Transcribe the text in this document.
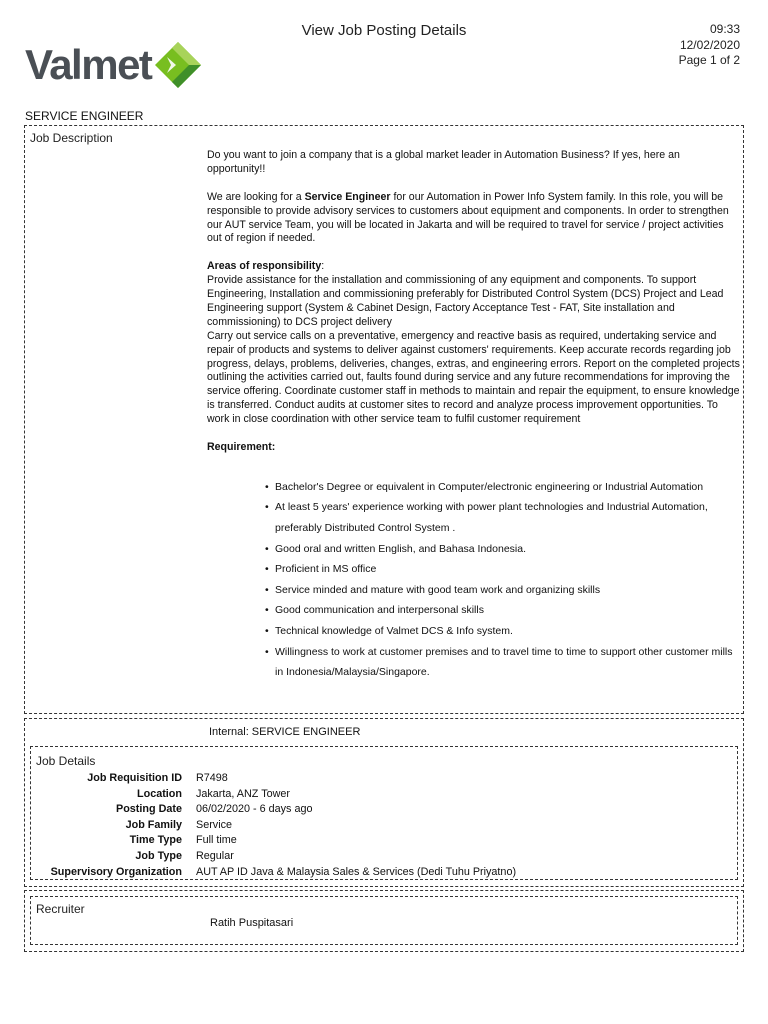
Valmet
View Job Posting Details	09:33
12/02/2020
Page 1 of 2
SERVICE ENGINEER
Job Description

Do you want to join a company that is a global market leader in Automation Business? If yes, here an opportunity!!

We are looking for a Service Engineer for our Automation in Power Info System family. In this role, you will be responsible to provide advisory services to customers about equipment and components. In order to strengthen our AUT service Team, you will be located in Jakarta and will be required to travel for service / project activities out of region if needed.

Areas of responsibility:
Provide assistance for the installation and commissioning of any equipment and components. To support Engineering, Installation and commissioning preferably for Distributed Control System (DCS) Project and Lead Engineering support (System & Cabinet Design, Factory Acceptance Test - FAT, Site installation and commissioning) to DCS project delivery
Carry out service calls on a preventative, emergency and reactive basis as required, undertaking service and repair of products and systems to deliver against customers' requirements. Keep accurate records regarding job progress, delays, problems, deliveries, changes, extras, and engineering errors. Report on the completed projects outlining the activities carried out, faults found during service and any future recommendations for improving the service offering. Coordinate customer staff in methods to maintain and repair the equipment, to ensure knowledge is transferred. Conduct audits at customer sites to record and analyze process improvement opportunities. To work in close coordination with other service team to fulfil customer requirement
Requirement:
• Bachelor's Degree or equivalent in Computer/electronic engineering or Industrial Automation
• At least 5 years' experience working with power plant technologies and Industrial Automation, preferably Distributed Control System .
• Good oral and written English, and Bahasa Indonesia.
• Proficient in MS office
• Service minded and mature with good team work and organizing skills
• Good communication and interpersonal skills
• Technical knowledge of Valmet DCS & Info system.
• Willingness to work at customer premises and to travel time to time to support other customer mills in Indonesia/Malaysia/Singapore.
Internal: SERVICE ENGINEER
Job Details
Job Requisition ID	R7498
Location	Jakarta, ANZ Tower
Posting Date	06/02/2020 - 6 days ago
Job Family	Service
Time Type	Full time
Job Type	Regular
Supervisory Organization	AUT AP ID Java & Malaysia Sales & Services (Dedi Tuhu Priyatno)
Recruiter
Ratih Puspitasari
